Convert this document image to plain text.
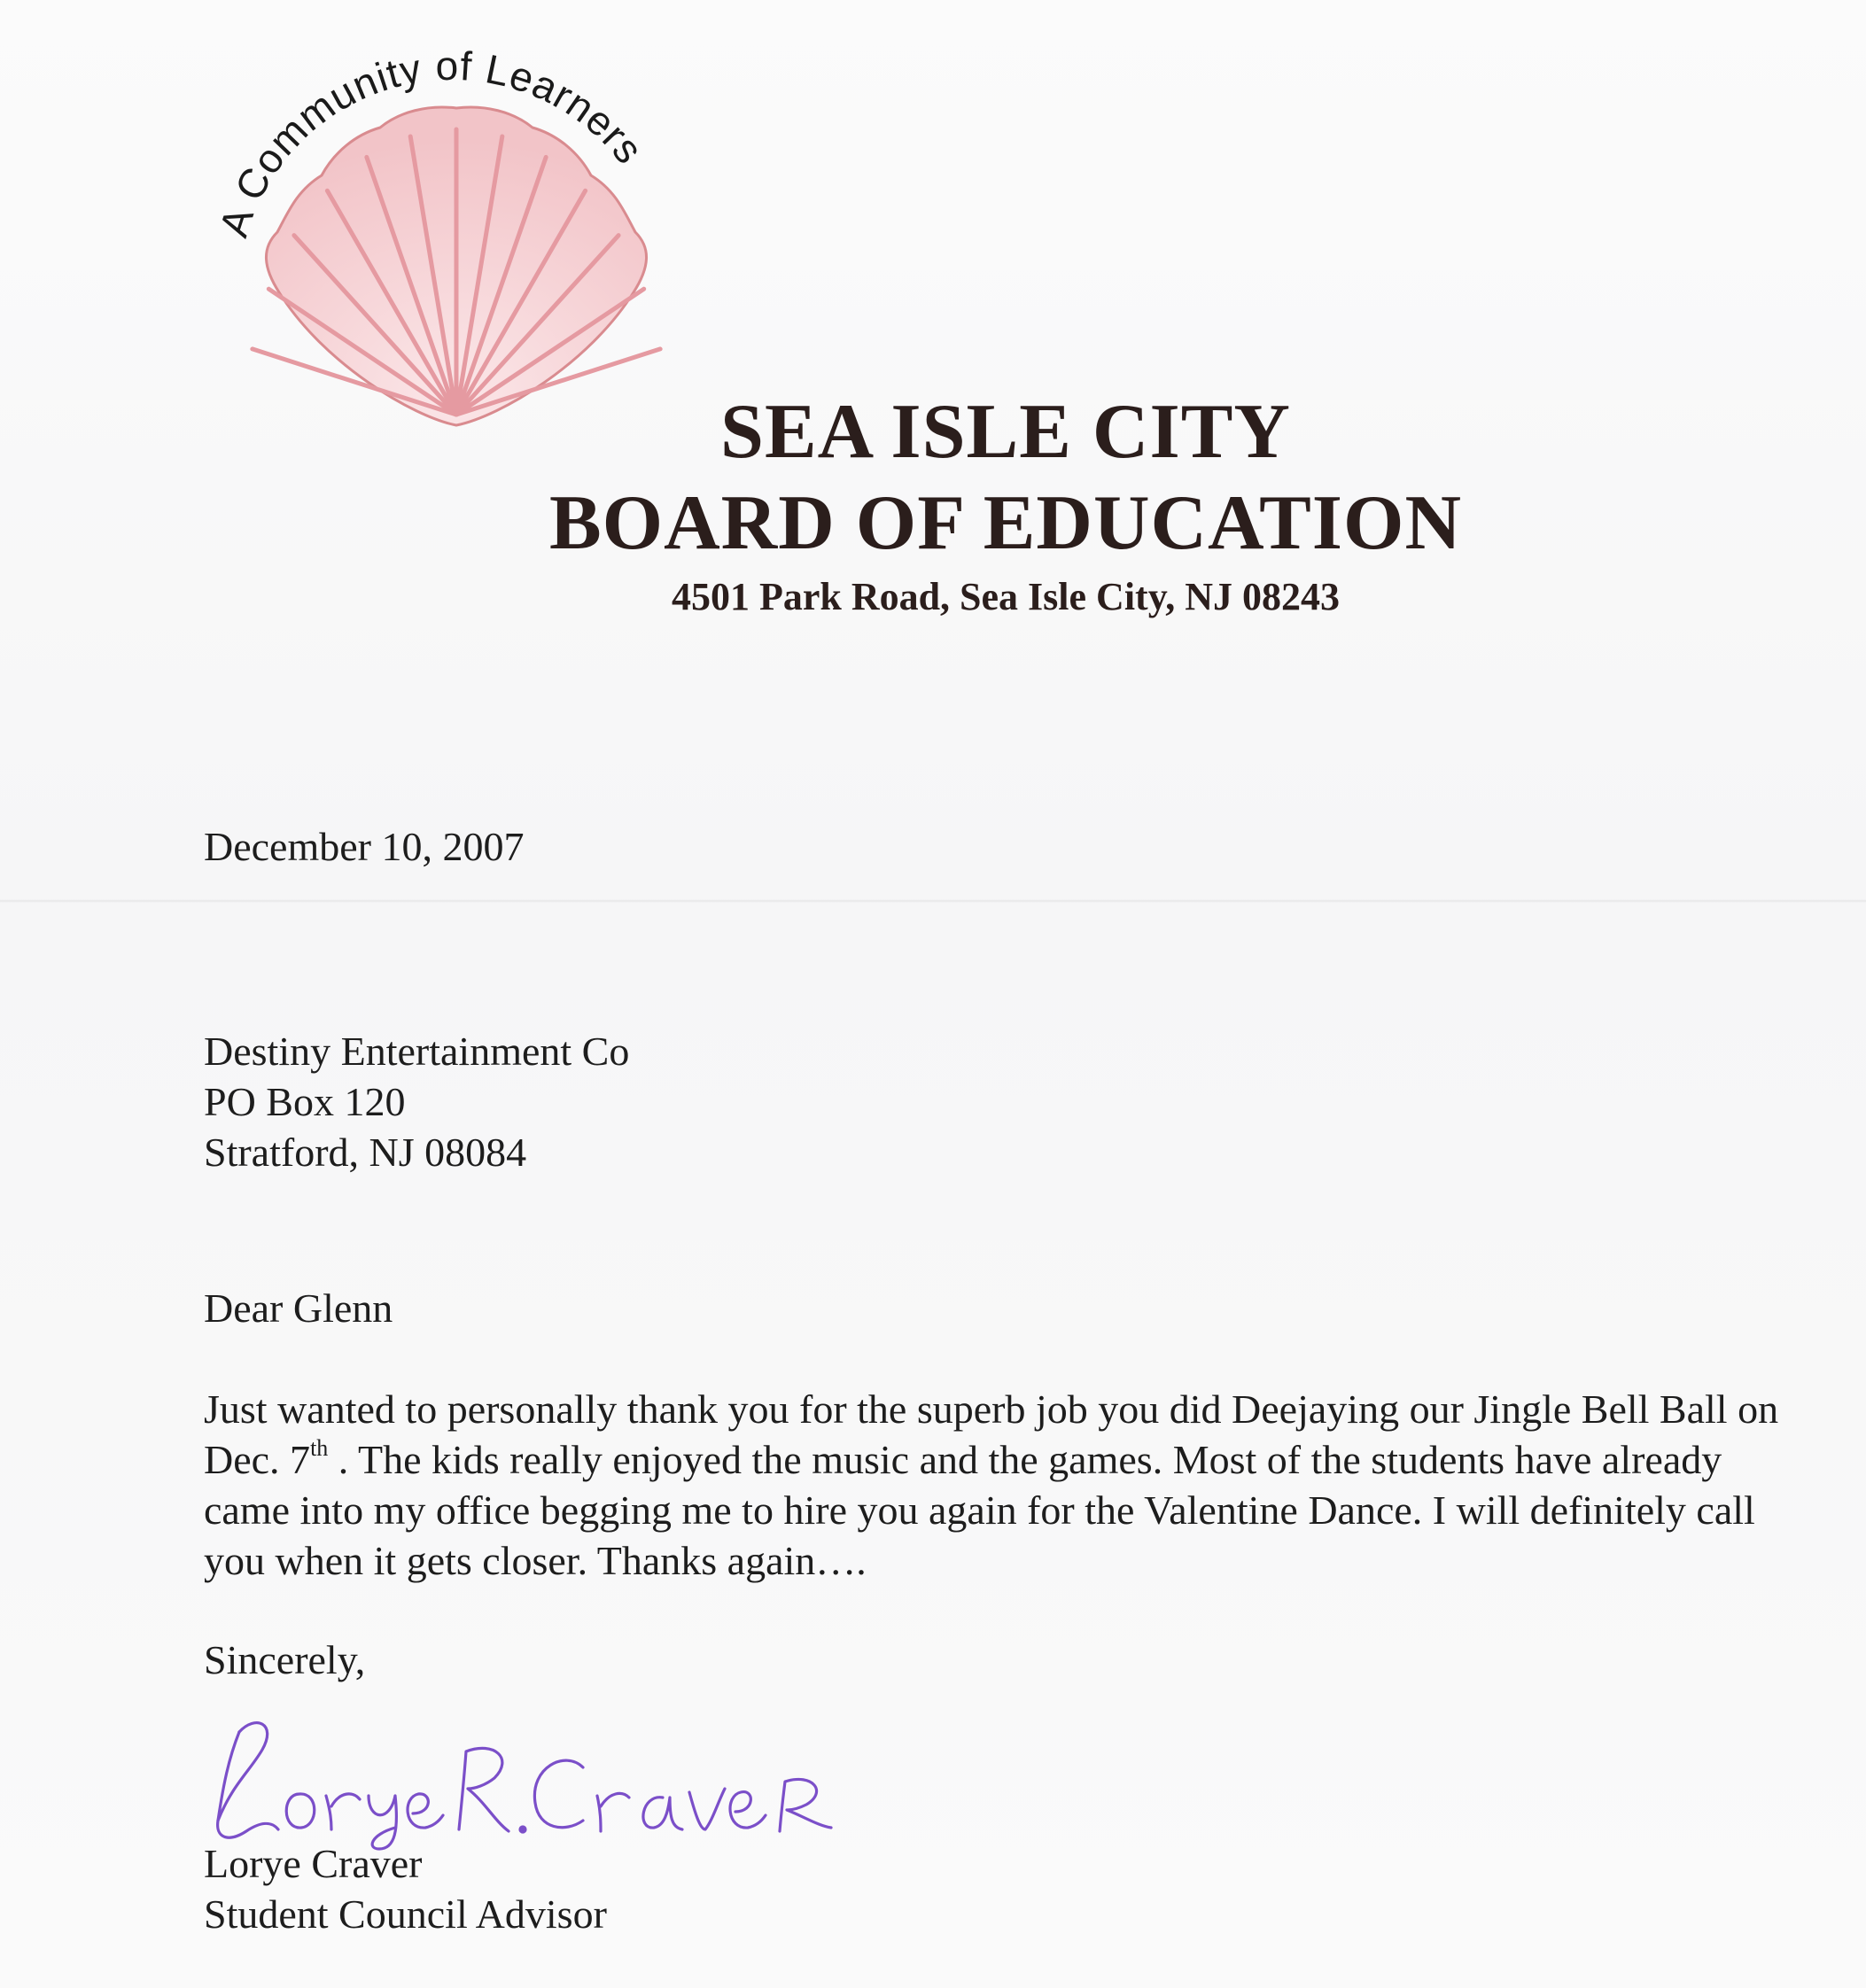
A Community of Learners
SEA ISLE CITY
BOARD OF EDUCATION
4501 Park Road, Sea Isle City, NJ 08243
December 10, 2007
Destiny Entertainment Co
PO Box 120
Stratford, NJ 08084
Dear Glenn

Just wanted to personally thank you for the superb job you did Deejaying our Jingle Bell Ball on Dec. 7th . The kids really enjoyed the music and the games. Most of the students have already came into my office begging me to hire you again for the Valentine Dance. I will definitely call you when it gets closer. Thanks again….

Sincerely,
Lorye Craver
Student Council Advisor
